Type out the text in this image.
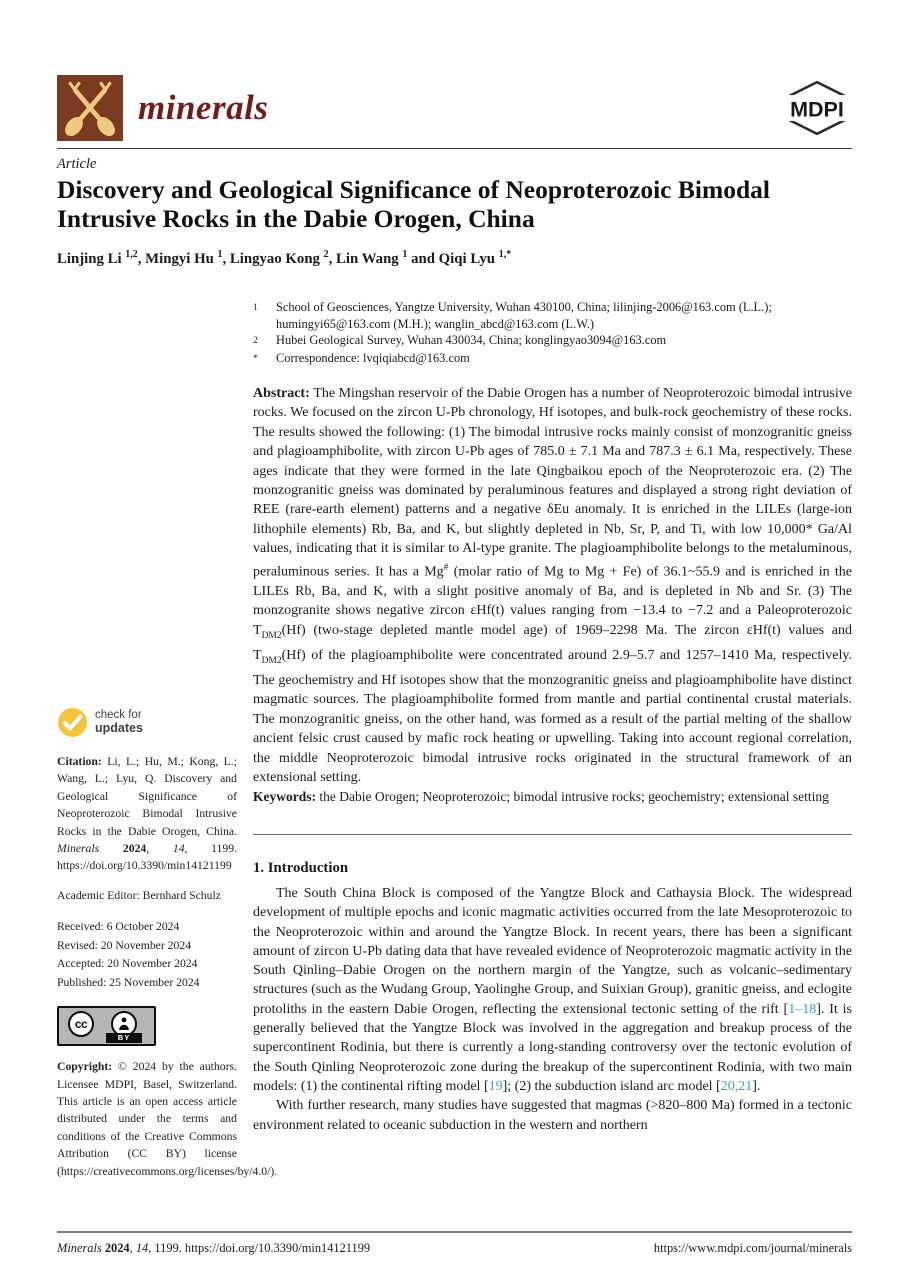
minerals	MDPI
Article
Discovery and Geological Significance of Neoproterozoic Bimodal Intrusive Rocks in the Dabie Orogen, China
Linjing Li $^{1,2}$, Mingyi Hu $^1$, Lingyao Kong $^2$, Lin Wang $^1$ and Qiqi Lyu $^{1,*}$
1	School of Geosciences, Yangtze University, Wuhan 430100, China; lilinjing-2006@163.com (L.L.); humingyi65@163.com (M.H.); wanglin_abcd@163.com (L.W.)
2	Hubei Geological Survey, Wuhan 430034, China; konglingyao3094@163.com
*	Correspondence: lvqiqiabcd@163.com
Abstract: The Mingshan reservoir of the Dabie Orogen has a number of Neoproterozoic bimodal intrusive rocks. We focused on the zircon U-Pb chronology, Hf isotopes, and bulk-rock geochemistry of these rocks. The results showed the following: (1) The bimodal intrusive rocks mainly consist of monzogranitic gneiss and plagioamphibolite, with zircon U-Pb ages of 785.0 ± 7.1 Ma and 787.3 ± 6.1 Ma, respectively. These ages indicate that they were formed in the late Qingbaikou epoch of the Neoproterozoic era. (2) The monzogranitic gneiss was dominated by peraluminous features and displayed a strong right deviation of REE (rare-earth element) patterns and a negative δEu anomaly. It is enriched in the LILEs (large-ion lithophile elements) Rb, Ba, and K, but slightly depleted in Nb, Sr, P, and Ti, with low 10,000* Ga/Al values, indicating that it is similar to Al-type granite. The plagioamphibolite belongs to the metaluminous, peraluminous series. It has a Mg# (molar ratio of Mg to Mg + Fe) of 36.1~55.9 and is enriched in the LILEs Rb, Ba, and K, with a slight positive anomaly of Ba, and is depleted in Nb and Sr. (3) The monzogranite shows negative zircon εHf(t) values ranging from −13.4 to −7.2 and a Paleoproterozoic $T_{DM2}(Hf)$ (two-stage depleted mantle model age) of 1969–2298 Ma. The zircon εHf(t) values and $T_{DM2}(Hf)$ of the plagioamphibolite were concentrated around 2.9–5.7 and 1257–1410 Ma, respectively. The geochemistry and Hf isotopes show that the monzogranitic gneiss and plagioamphibolite have distinct magmatic sources. The plagioamphibolite formed from mantle and partial continental crustal materials. The monzogranitic gneiss, on the other hand, was formed as a result of the partial melting of the shallow ancient felsic crust caused by mafic rock heating or upwelling. Taking into account regional correlation, the middle Neoproterozoic bimodal intrusive rocks originated in the structural framework of an extensional setting.
Keywords: the Dabie Orogen; Neoproterozoic; bimodal intrusive rocks; geochemistry; extensional setting
1. Introduction

The South China Block is composed of the Yangtze Block and Cathaysia Block. The widespread development of multiple epochs and iconic magmatic activities occurred from the late Mesoproterozoic to the Neoproterozoic within and around the Yangtze Block. In recent years, there has been a significant amount of zircon U-Pb dating data that have revealed evidence of Neoproterozoic magmatic activity in the South Qinling–Dabie Orogen on the northern margin of the Yangtze, such as volcanic–sedimentary structures (such as the Wudang Group, Yaolinghe Group, and Suixian Group), granitic gneiss, and eclogite protoliths in the eastern Dabie Orogen, reflecting the extensional tectonic setting of the rift [1–18]. It is generally believed that the Yangtze Block was involved in the aggregation and breakup process of the supercontinent Rodinia, but there is currently a long-standing controversy over the tectonic evolution of the South Qinling Neoproterozoic zone during the breakup of the supercontinent Rodinia, with two main models: (1) the continental rifting model [19]; (2) the subduction island arc model [20,21].

With further research, many studies have suggested that magmas (>820–800 Ma) formed in a tectonic environment related to oceanic subduction in the western and northern

check for
updates
Citation: Li, L.; Hu, M.; Kong, L.; Wang, L.; Lyu, Q. Discovery and Geological Significance of Neoproterozoic Bimodal Intrusive Rocks in the Dabie Orogen, China. Minerals 2024, 14, 1199. https://doi.org/10.3390/min14121199
Academic Editor: Bernhard Schulz
Received: 6 October 2024
Revised: 20 November 2024
Accepted: 20 November 2024
Published: 25 November 2024
cc
BY
Copyright: © 2024 by the authors. Licensee MDPI, Basel, Switzerland. This article is an open access article distributed under the terms and conditions of the Creative Commons Attribution (CC BY) license (https://creativecommons.org/licenses/by/4.0/).
Minerals 2024, 14, 1199. https://doi.org/10.3390/min14121199	https://www.mdpi.com/journal/minerals
